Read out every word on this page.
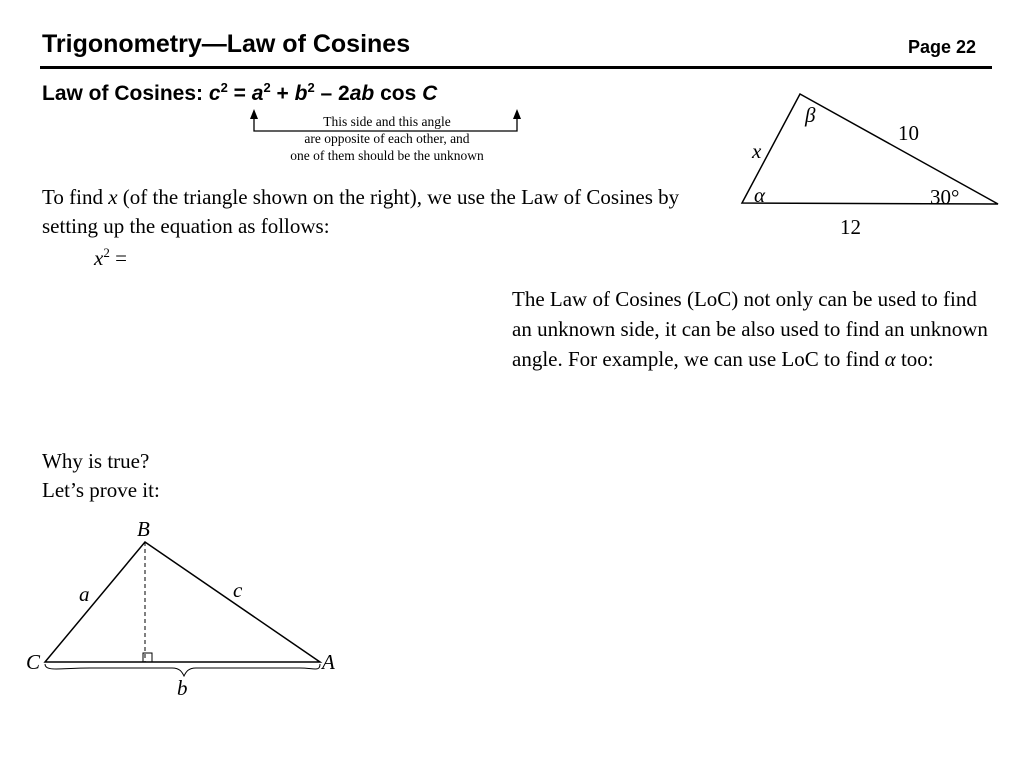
Trigonometry—Law of Cosines	Page 22
Law of Cosines: $c^2 = a^2 + b^2 - 2ab$ cos C
This side and this angle
are opposite of each other, and
one of them should be the unknown
To find x (of the triangle shown on the right), we use the Law of Cosines by setting up the equation as follows:
$x^2$ =
β
10
x
α	30°
12
The Law of Cosines (LoC) not only can be used to find an unknown side, it can be also used to find an unknown angle. For example, we can use LoC to find α too:
Why is true?
Let’s prove it:
B
a	c
C	A
b
